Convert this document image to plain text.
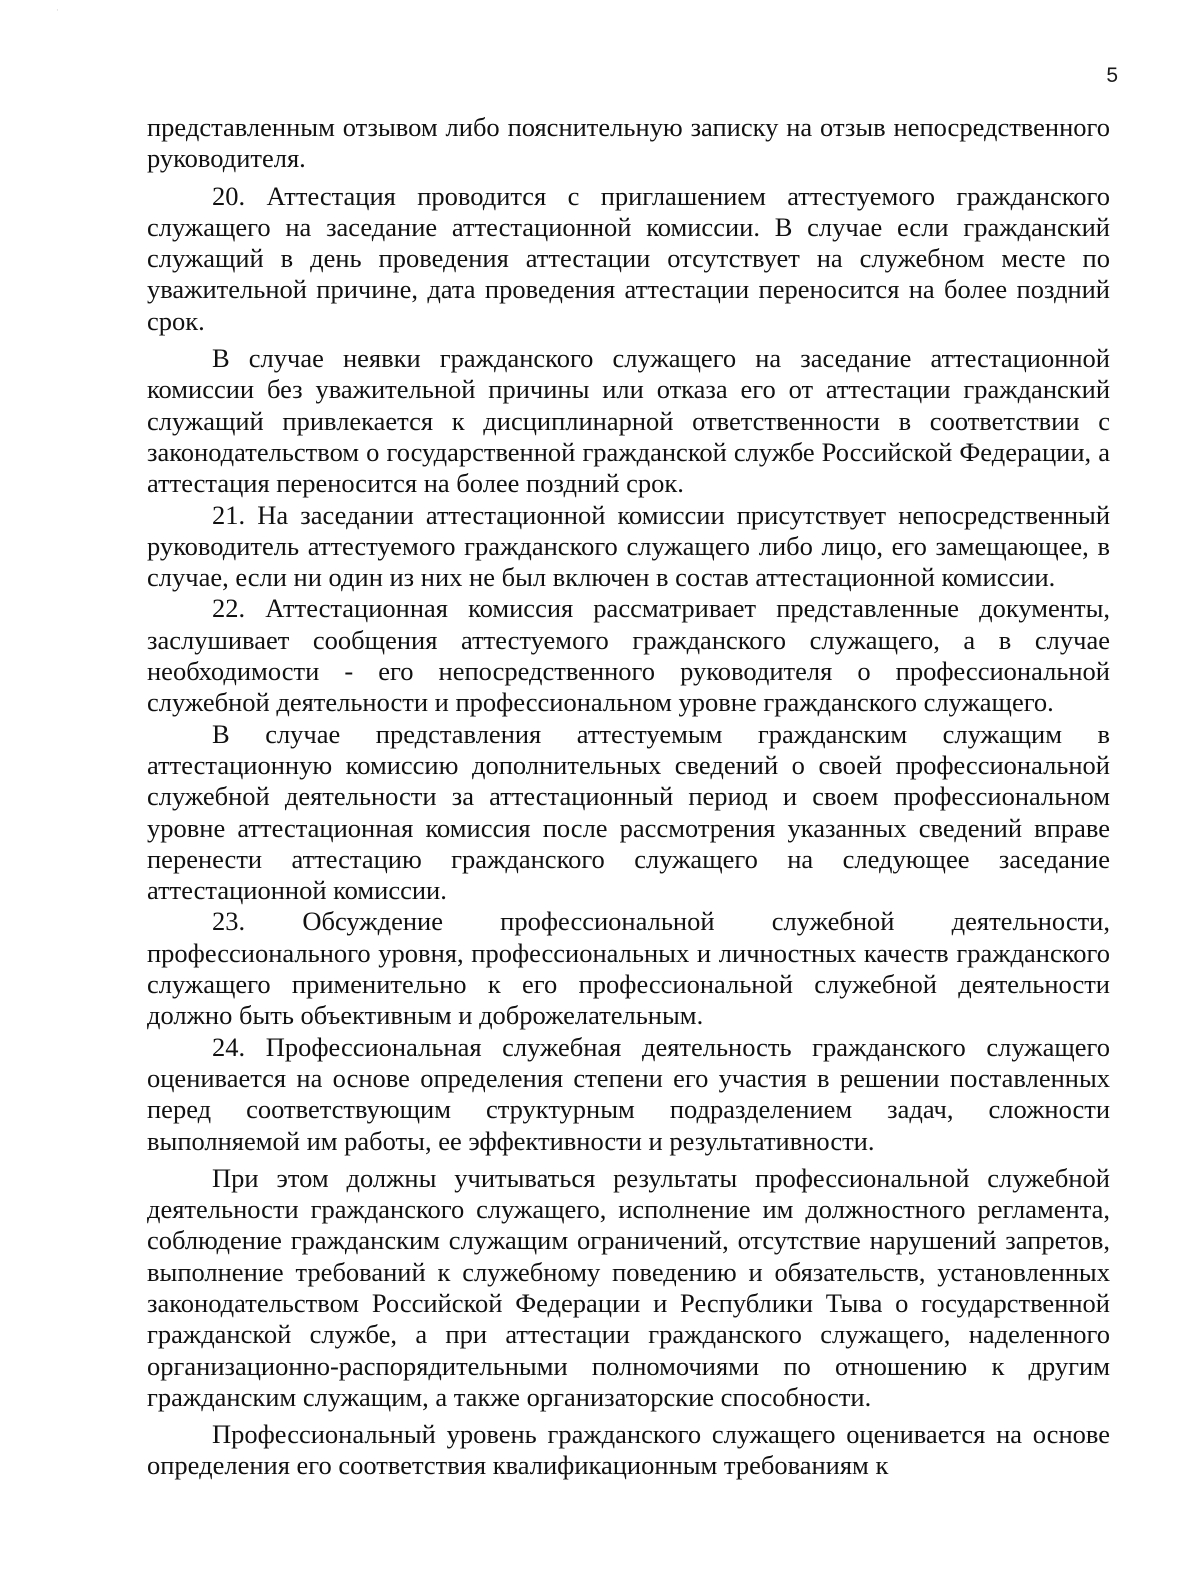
·
5

представленным отзывом либо пояснительную записку на отзыв непосредственного руководителя.

20. Аттестация проводится с приглашением аттестуемого гражданского служащего на заседание аттестационной комиссии. В случае если гражданский служащий в день проведения аттестации отсутствует на служебном месте по уважительной причине, дата проведения аттестации переносится на более поздний срок.

В случае неявки гражданского служащего на заседание аттестационной комиссии без уважительной причины или отказа его от аттестации гражданский служащий привлекается к дисциплинарной ответственности в соответствии с законодательством о государственной гражданской службе Российской Федерации, а аттестация переносится на более поздний срок.

21. На заседании аттестационной комиссии присутствует непосредственный руководитель аттестуемого гражданского служащего либо лицо, его замещающее, в случае, если ни один из них не был включен в состав аттестационной комиссии.

22. Аттестационная комиссия рассматривает представленные документы, заслушивает сообщения аттестуемого гражданского служащего, а в случае необходимости - его непосредственного руководителя о профессиональной служебной деятельности и профессиональном уровне гражданского служащего.

В случае представления аттестуемым гражданским служащим в аттестационную комиссию дополнительных сведений о своей профессиональной служебной деятельности за аттестационный период и своем профессиональном уровне аттестационная комиссия после рассмотрения указанных сведений вправе перенести аттестацию гражданского служащего на следующее заседание аттестационной комиссии.

23. Обсуждение профессиональной служебной деятельности, профессионального уровня, профессиональных и личностных качеств гражданского служащего применительно к его профессиональной служебной деятельности должно быть объективным и доброжелательным.

24. Профессиональная служебная деятельность гражданского служащего оценивается на основе определения степени его участия в решении поставленных перед соответствующим структурным подразделением задач, сложности выполняемой им работы, ее эффективности и результативности.

При этом должны учитываться результаты профессиональной служебной деятельности гражданского служащего, исполнение им должностного регламента, соблюдение гражданским служащим ограничений, отсутствие нарушений запретов, выполнение требований к служебному поведению и обязательств, установленных законодательством Российской Федерации и Республики Тыва о государственной гражданской службе, а при аттестации гражданского служащего, наделенного организационно-распорядительными полномочиями по отношению к другим гражданским служащим, а также организаторские способности.

Профессиональный уровень гражданского служащего оценивается на основе определения его соответствия квалификационным требованиям к
